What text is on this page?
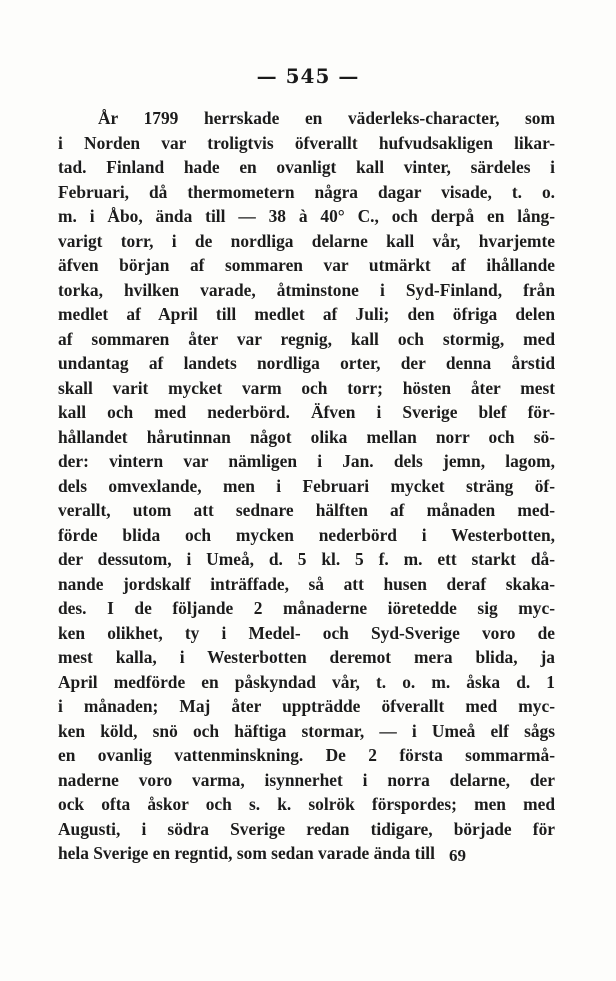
— 545 —
År 1799 herrskade en väderleks-character, som
i Norden var troligtvis öfverallt hufvudsakligen likar-
tad. Finland hade en ovanligt kall vinter, särdeles i
Februari, då thermometern några dagar visade, t. o.
m. i Åbo, ända till — 38 à 40° C., och derpå en lång-
varigt torr, i de nordliga delarne kall vår, hvarjemte
äfven början af sommaren var utmärkt af ihållande
torka, hvilken varade, åtminstone i Syd-Finland, från
medlet af April till medlet af Juli; den öfriga delen
af sommaren åter var regnig, kall och stormig, med
undantag af landets nordliga orter, der denna årstid
skall varit mycket varm och torr; hösten åter mest
kall och med nederbörd. Äfven i Sverige blef för-
hållandet hårutinnan något olika mellan norr och sö-
der: vintern var nämligen i Jan. dels jemn, lagom,
dels omvexlande, men i Februari mycket sträng öf-
verallt, utom att sednare hälften af månaden med-
förde blida och mycken nederbörd i Westerbotten,
der dessutom, i Umeå, d. 5 kl. 5 f. m. ett starkt då-
nande jordskalf inträffade, så att husen deraf skaka-
des. I de följande 2 månaderne iöretedde sig myc-
ken olikhet, ty i Medel- och Syd-Sverige voro de
mest kalla, i Westerbotten deremot mera blida, ja
April medförde en påskyndad vår, t. o. m. åska d. 1
i månaden; Maj åter uppträdde öfverallt med myc-
ken köld, snö och häftiga stormar, — i Umeå elf sågs
en ovanlig vattenminskning. De 2 första sommarmå-
naderne voro varma, isynnerhet i norra delarne, der
ock ofta åskor och s. k. solrök förspordes; men med
Augusti, i södra Sverige redan tidigare, började för
hela Sverige en regntid, som sedan varade ända till 69
